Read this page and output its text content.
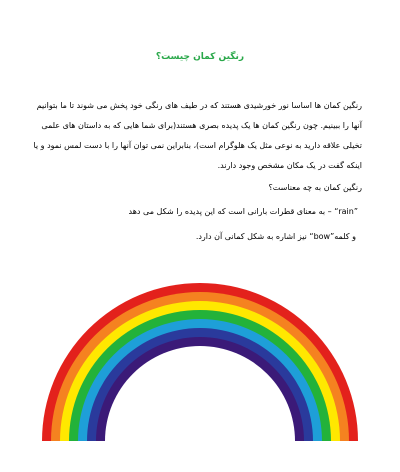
رنگین کمان چیست؟
رنگین کمان ها اساسا نور خورشیدی هستند که در طیف های رنگی خود پخش می شوند تا ما بتوانیم
آنها را ببینیم. چون رنگین کمان ها یک پدیده بصری هستند(برای شما هایی که به داستان های علمی
تخیلی علاقه دارید به نوعی مثل یک هلوگرام است)، بنابراین نمی توان آنها را با دست لمس نمود و یا
اینکه گفت در یک مکان مشخص وجود دارند.
رنگین کمان به چه معناست؟
”rain“ – به معنای قطرات بارانی است که این پدیده را شکل می دهد
و کلمه”bow“ نیز اشاره به شکل کمانی آن دارد.
